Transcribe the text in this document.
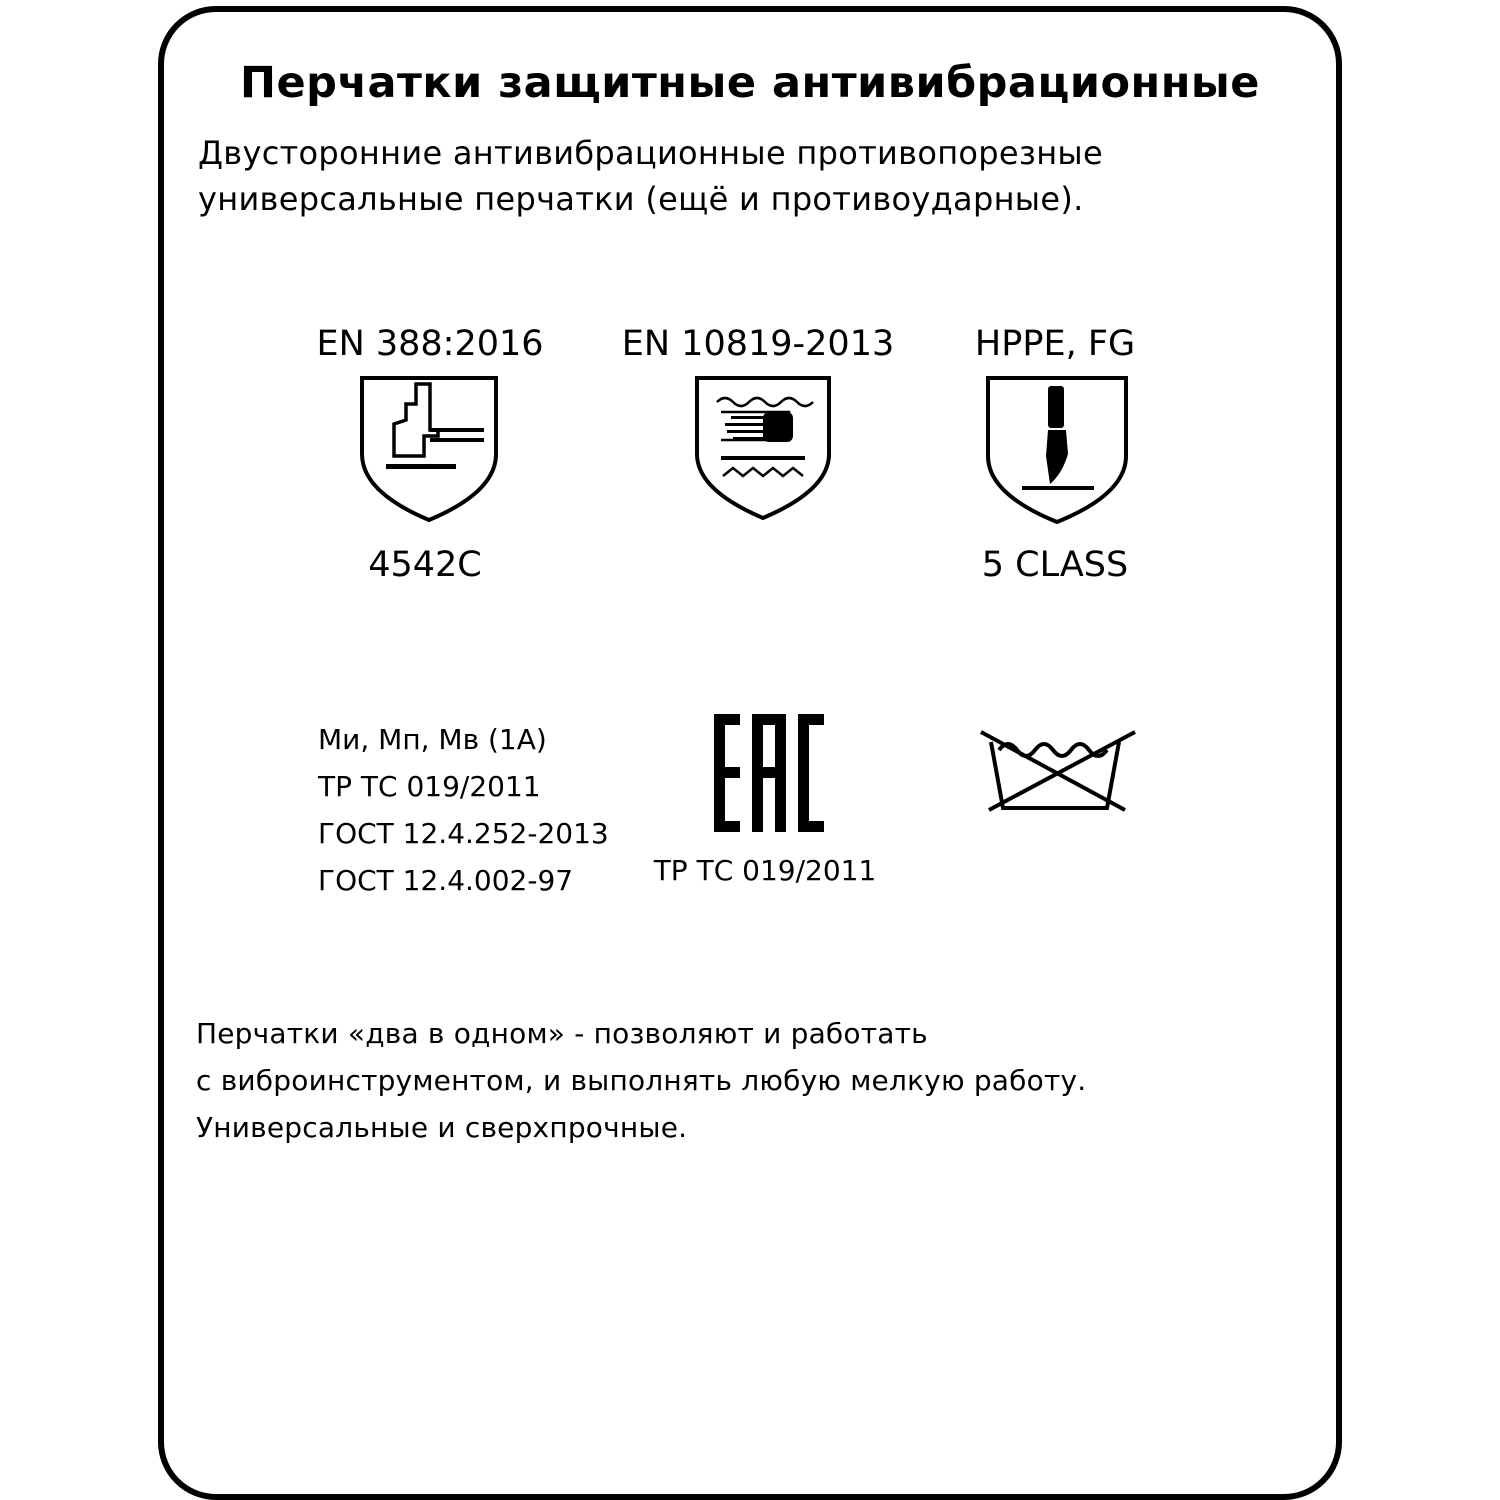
Перчатки защитные антивибрационные
Двусторонние антивибрационные противопорезные
универсальные перчатки (ещё и противоударные).
EN 388:2016
4542C
EN 10819-2013	HPPE, FG
5 CLASS
Ми, Мп, Мв (1А)
ТР ТС 019/2011
ГОСТ 12.4.252-2013
ГОСТ 12.4.002-97	ТР ТС 019/2011
Перчатки «два в одном» - позволяют и работать
с виброинструментом, и выполнять любую мелкую работу.
Универсальные и сверхпрочные.
